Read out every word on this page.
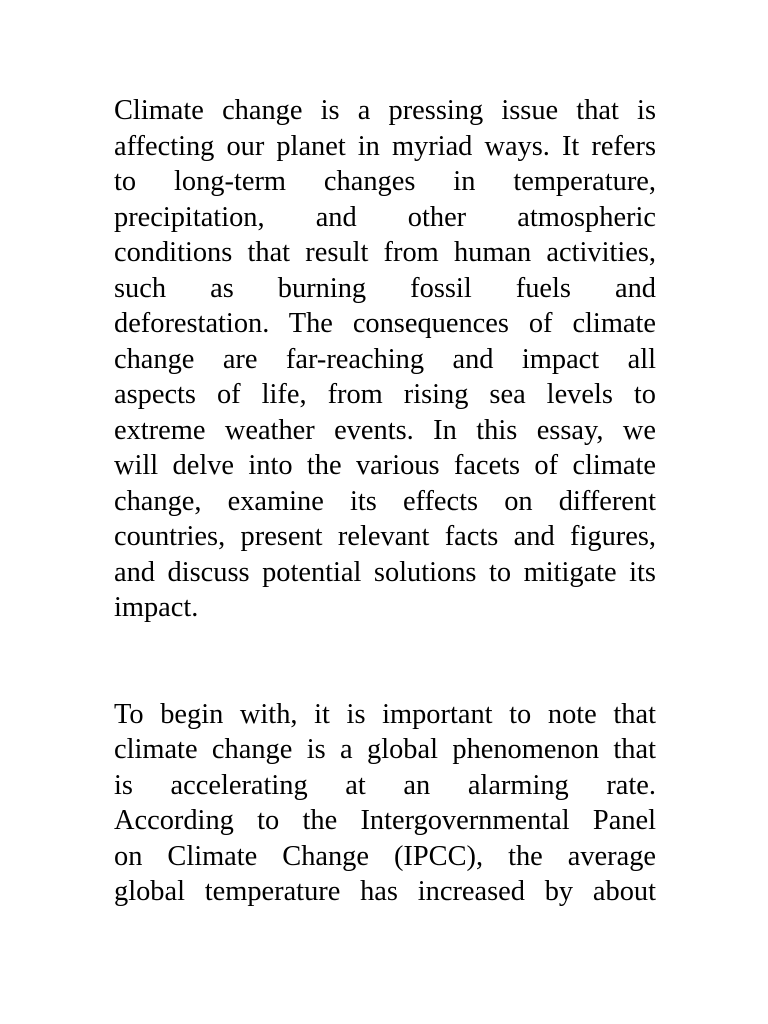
Climate change is a pressing issue that is
affecting our planet in myriad ways. It refers
to long-term changes in temperature,
precipitation, and other atmospheric
conditions that result from human activities,
such as burning fossil fuels and
deforestation. The consequences of climate
change are far-reaching and impact all
aspects of life, from rising sea levels to
extreme weather events. In this essay, we
will delve into the various facets of climate
change, examine its effects on different
countries, present relevant facts and figures,
and discuss potential solutions to mitigate its
impact.
To begin with, it is important to note that
climate change is a global phenomenon that
is accelerating at an alarming rate.
According to the Intergovernmental Panel
on Climate Change (IPCC), the average
global temperature has increased by about
